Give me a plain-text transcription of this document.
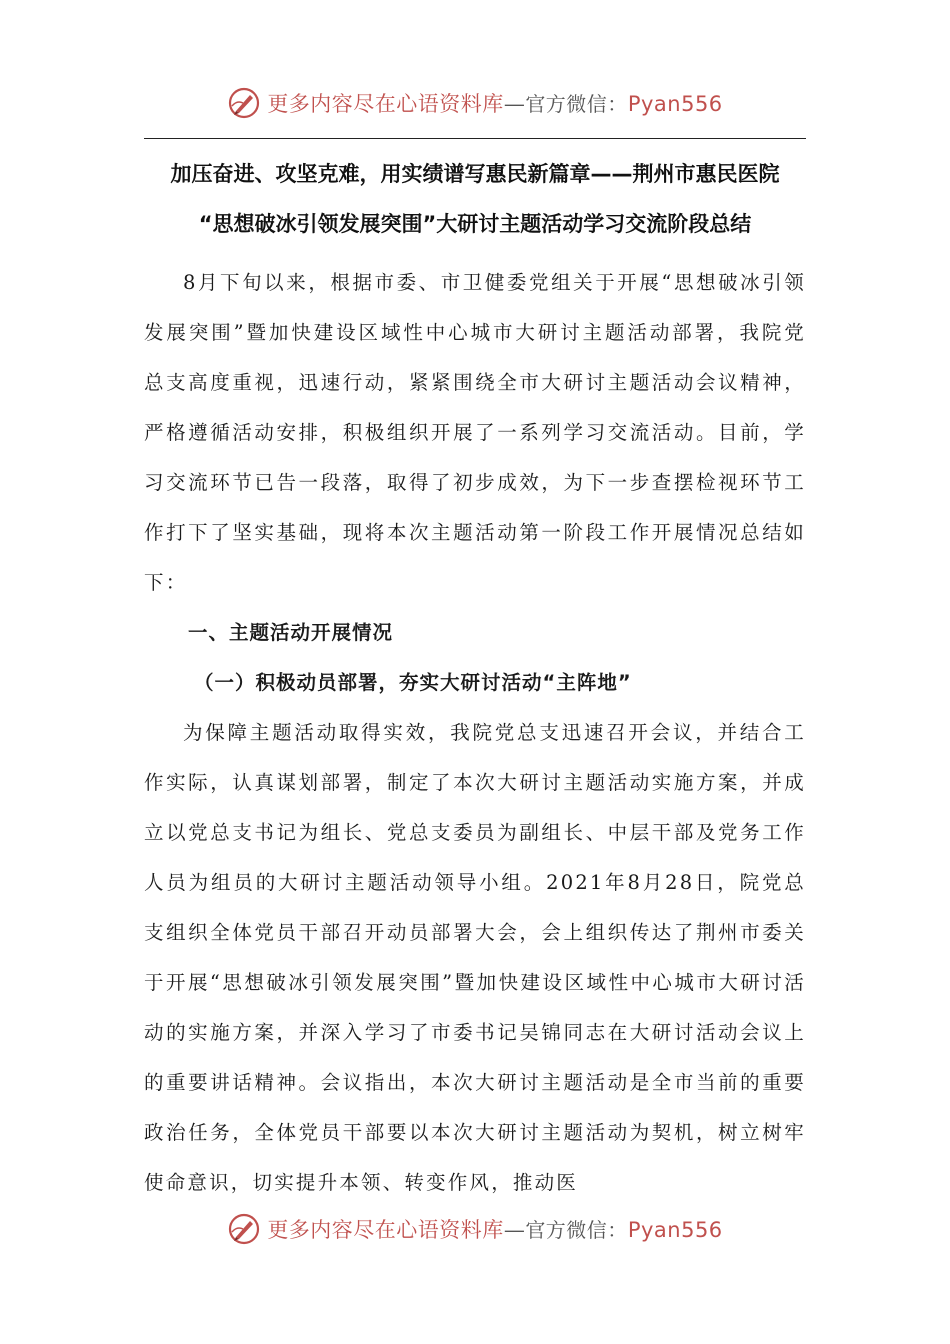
更多内容尽在心语资料库—官方微信：Pyan556
加压奋进、攻坚克难，用实绩谱写惠民新篇章——荆州市惠民医院
“思想破冰引领发展突围”大研讨主题活动学习交流阶段总结

8月下旬以来，根据市委、市卫健委党组关于开展“思想破冰引领发展突围”暨加快建设区域性中心城市大研讨主题活动部署，我院党总支高度重视，迅速行动，紧紧围绕全市大研讨主题活动会议精神，严格遵循活动安排，积极组织开展了一系列学习交流活动。目前，学习交流环节已告一段落，取得了初步成效，为下一步查摆检视环节工作打下了坚实基础，现将本次主题活动第一阶段工作开展情况总结如下：

一、主题活动开展情况

（一）积极动员部署，夯实大研讨活动“主阵地”

为保障主题活动取得实效，我院党总支迅速召开会议，并结合工作实际，认真谋划部署，制定了本次大研讨主题活动实施方案，并成立以党总支书记为组长、党总支委员为副组长、中层干部及党务工作人员为组员的大研讨主题活动领导小组。2021年8月28日，院党总支组织全体党员干部召开动员部署大会，会上组织传达了荆州市委关于开展“思想破冰引领发展突围”暨加快建设区域性中心城市大研讨活动的实施方案，并深入学习了市委书记吴锦同志在大研讨活动会议上的重要讲话精神。会议指出，本次大研讨主题活动是全市当前的重要政治任务，全体党员干部要以本次大研讨主题活动为契机，树立树牢使命意识，切实提升本领、转变作风，推动医

更多内容尽在心语资料库—官方微信：Pyan556
